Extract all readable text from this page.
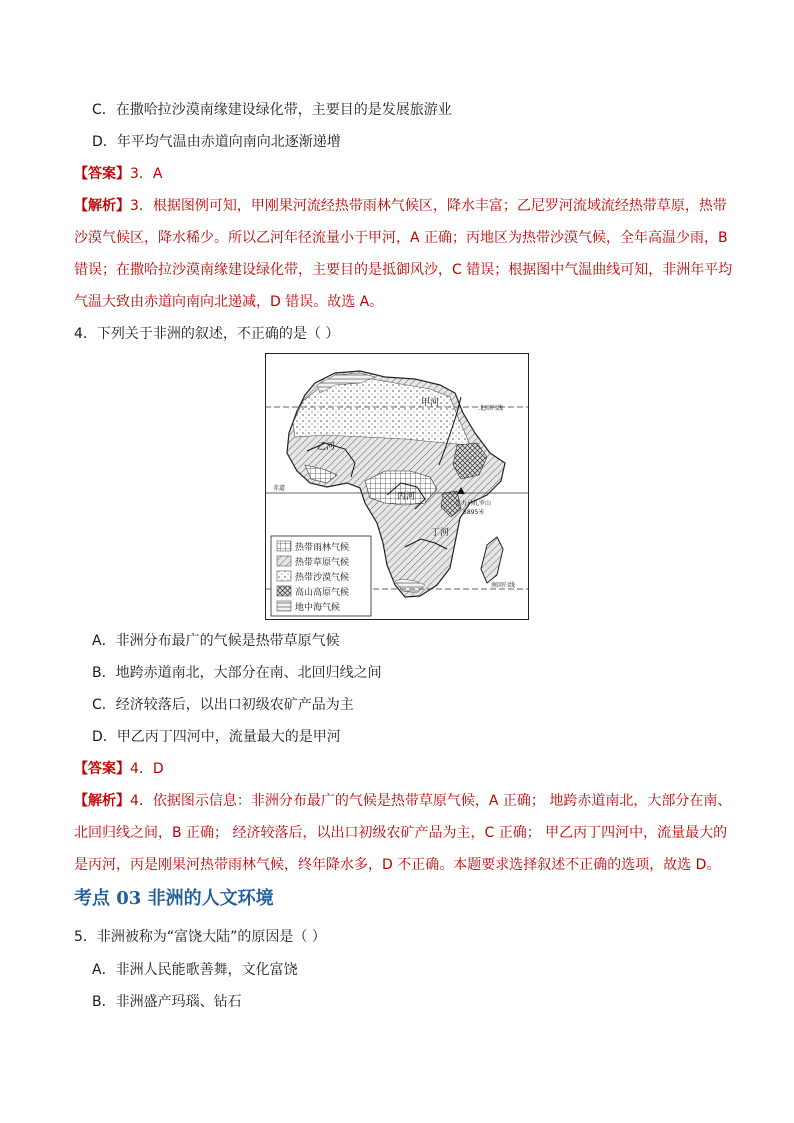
C．在撒哈拉沙漠南缘建设绿化带，主要目的是发展旅游业
D．年平均气温由赤道向南向北逐渐递增
【答案】3．A
【解析】3．根据图例可知，甲刚果河流经热带雨林气候区，降水丰富；乙尼罗河流域流经热带草原，热带
沙漠气候区，降水稀少。所以乙河年径流量小于甲河，A 正确；丙地区为热带沙漠气候，全年高温少雨，B
错误；在撒哈拉沙漠南缘建设绿化带，主要目的是抵御风沙，C 错误；根据图中气温曲线可知，非洲年平均
气温大致由赤道向南向北递减，D 错误。故选 A。
4．下列关于非洲的叙述，不正确的是（ ）
甲河
北回归线
乙河
赤道
丙河
乞力马扎罗山
5895米
丁河
南回归线
热带雨林气候
热带草原气候
热带沙漠气候
高山高原气候
地中海气候
A．非洲分布最广的气候是热带草原气候
B．地跨赤道南北，大部分在南、北回归线之间
C．经济较落后，以出口初级农矿产品为主
D．甲乙丙丁四河中，流量最大的是甲河
【答案】4．D
【解析】4．依据图示信息：非洲分布最广的气候是热带草原气候，A 正确； 地跨赤道南北，大部分在南、
北回归线之间，B 正确； 经济较落后，以出口初级农矿产品为主，C 正确； 甲乙丙丁四河中，流量最大的
是丙河，丙是刚果河热带雨林气候，终年降水多，D 不正确。本题要求选择叙述不正确的选项，故选 D。
考点 03 非洲的人文环境
5．非洲被称为“富饶大陆”的原因是（ ）
A．非洲人民能歌善舞，文化富饶
B．非洲盛产玛瑙、钻石
